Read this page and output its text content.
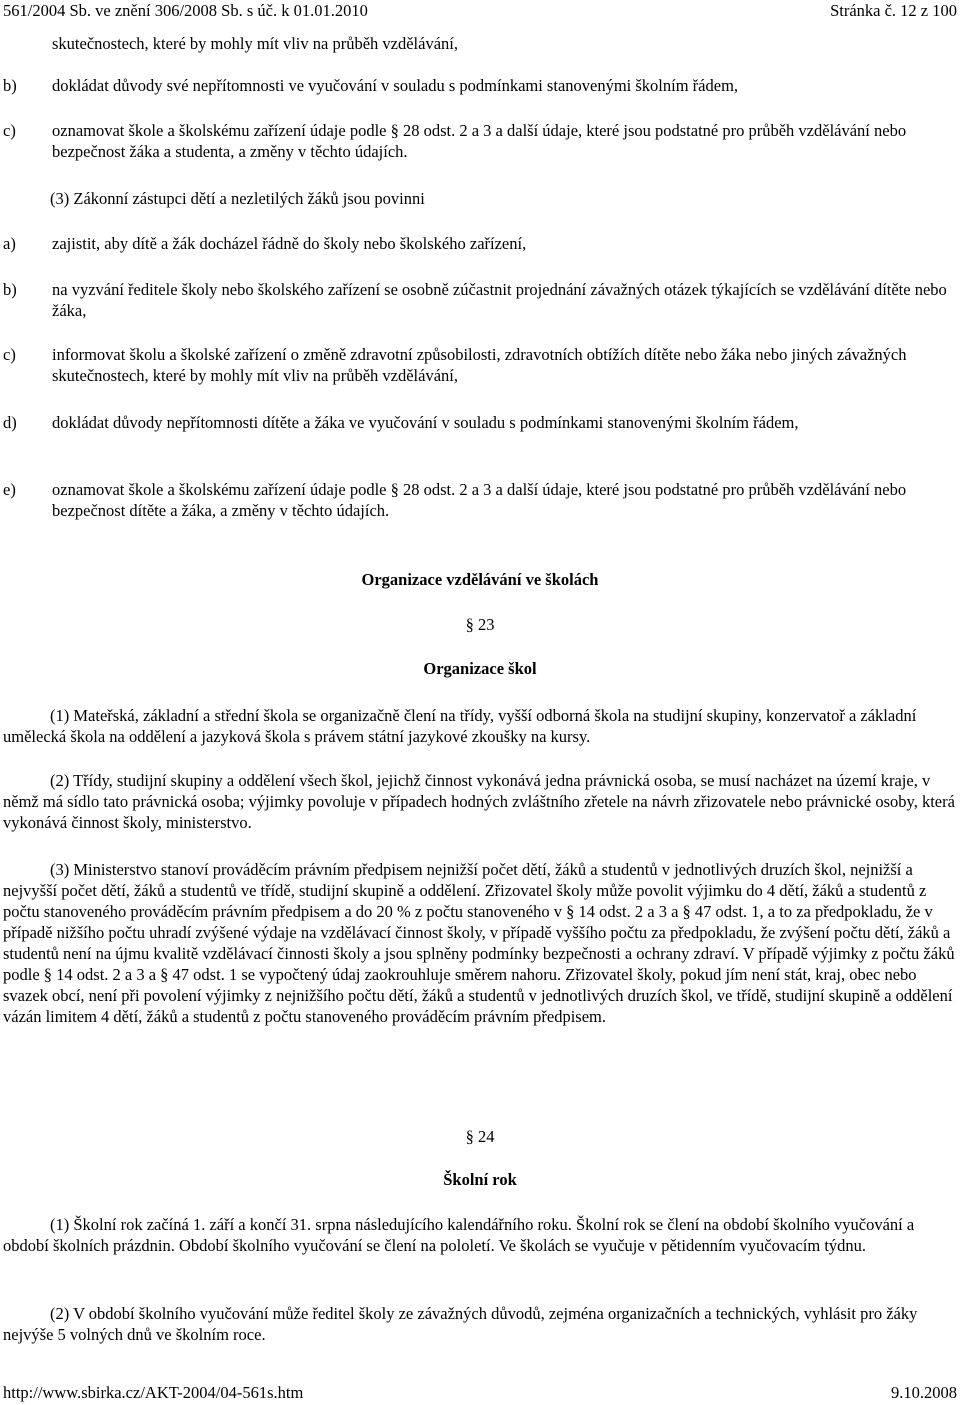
561/2004 Sb. ve znění 306/2008 Sb. s úč. k 01.01.2010	Stránka č. 12 z 100
skutečnostech, které by mohly mít vliv na průběh vzdělávání,
b) dokládat důvody své nepřítomnosti ve vyučování v souladu s podmínkami stanovenými školním řádem,
c) oznamovat škole a školskému zařízení údaje podle § 28 odst. 2 a 3 a další údaje, které jsou podstatné pro průběh vzdělávání nebo bezpečnost žáka a studenta, a změny v těchto údajích.
(3) Zákonní zástupci dětí a nezletilých žáků jsou povinni
a) zajistit, aby dítě a žák docházel řádně do školy nebo školského zařízení,
b) na vyzvání ředitele školy nebo školského zařízení se osobně zúčastnit projednání závažných otázek týkajících se vzdělávání dítěte nebo žáka,
c) informovat školu a školské zařízení o změně zdravotní způsobilosti, zdravotních obtížích dítěte nebo žáka nebo jiných závažných skutečnostech, které by mohly mít vliv na průběh vzdělávání,
d) dokládat důvody nepřítomnosti dítěte a žáka ve vyučování v souladu s podmínkami stanovenými školním řádem,
e) oznamovat škole a školskému zařízení údaje podle § 28 odst. 2 a 3 a další údaje, které jsou podstatné pro průběh vzdělávání nebo bezpečnost dítěte a žáka, a změny v těchto údajích.
Organizace vzdělávání ve školách
§ 23
Organizace škol
(1) Mateřská, základní a střední škola se organizačně člení na třídy, vyšší odborná škola na studijní skupiny, konzervatoř a základní umělecká škola na oddělení a jazyková škola s právem státní jazykové zkoušky na kursy.
(2) Třídy, studijní skupiny a oddělení všech škol, jejichž činnost vykonává jedna právnická osoba, se musí nacházet na území kraje, v němž má sídlo tato právnická osoba; výjimky povoluje v případech hodných zvláštního zřetele na návrh zřizovatele nebo právnické osoby, která vykonává činnost školy, ministerstvo.
(3) Ministerstvo stanoví prováděcím právním předpisem nejnižší počet dětí, žáků a studentů v jednotlivých druzích škol, nejnižší a nejvyšší počet dětí, žáků a studentů ve třídě, studijní skupině a oddělení. Zřizovatel školy může povolit výjimku do 4 dětí, žáků a studentů z počtu stanoveného prováděcím právním předpisem a do 20 % z počtu stanoveného v § 14 odst. 2 a 3 a § 47 odst. 1, a to za předpokladu, že v případě nižšího počtu uhradí zvýšené výdaje na vzdělávací činnost školy, v případě vyššího počtu za předpokladu, že zvýšení počtu dětí, žáků a studentů není na újmu kvalitě vzdělávací činnosti školy a jsou splněny podmínky bezpečnosti a ochrany zdraví. V případě výjimky z počtu žáků podle § 14 odst. 2 a 3 a § 47 odst. 1 se vypočtený údaj zaokrouhluje směrem nahoru. Zřizovatel školy, pokud jím není stát, kraj, obec nebo svazek obcí, není při povolení výjimky z nejnižšího počtu dětí, žáků a studentů v jednotlivých druzích škol, ve třídě, studijní skupině a oddělení vázán limitem 4 dětí, žáků a studentů z počtu stanoveného prováděcím právním předpisem.
§ 24
Školní rok
(1) Školní rok začíná 1. září a končí 31. srpna následujícího kalendářního roku. Školní rok se člení na období školního vyučování a období školních prázdnin. Období školního vyučování se člení na pololetí. Ve školách se vyučuje v pětidenním vyučovacím týdnu.
(2) V období školního vyučování může ředitel školy ze závažných důvodů, zejména organizačních a technických, vyhlásit pro žáky nejvýše 5 volných dnů ve školním roce.
http://www.sbirka.cz/AKT-2004/04-561s.htm	9.10.2008
